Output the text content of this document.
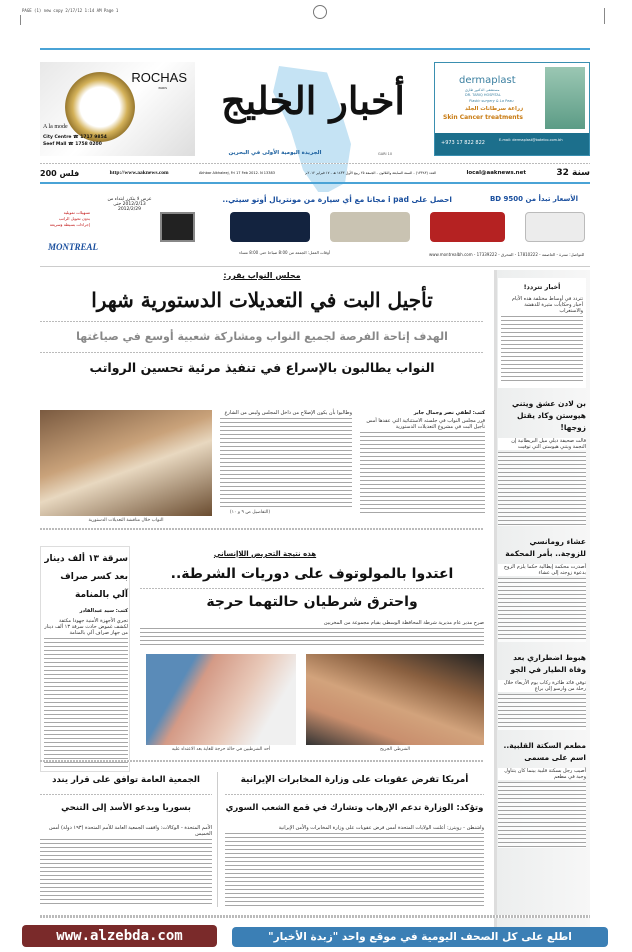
PAGE (1) new copy 2/17/12 1:14 AM Page 1
ROCHAS
PARIS
A la mode
City Centre ☎ 1717 9854
Seef Mall ☎ 1758 0200
أخبار الخليج
الجريدة اليومية الأولى في البحرين	GARI 10
dermaplast
مستشفى الدكتور طارق
DR. TARIQ HOSPITAL
Plastic surgery & La Peau
زراعة سرطانات الجلد
Skin Cancer treatments
+973 17 822 822	E-mail: dermaplast@batelco.com.bh
32 سنة
local@aaknews.net
العدد (١٣٣٨٣) - السنة السابعة والثلاثون - الجمعة ٢٥ ربيع الأول ١٤٣٣ هـ - ١٧ فبراير ٢٠١٢م
Akhbar Alkhaleej, Fri 17 Feb 2012. N 13383
http://www.aaknews.com
200 فلس
الأسعار تبدأ من BD 9500
احصل على i pad مجانا مع أي سيارة من مونتريال أوتو سيتي..
عرض لا يتكرر ابتداء من 2012/2/13 حتى 2012/2/29
تسهيلات تمويلية
بدون تحويل الراتب
إجراءات بسيطة وسريعة
MONTREAL
للتواصل: سترة - العاصمة - 17810222 - المحرق - 17339222 - www.montrealbh.com
أوقات العمل: الجمعة من 8:00 صباحا حتى 8:00 مساء
أخبار تتردد!
تتردد في أوساط مختلفة هذه الأيام أخبار وحكايات مثيرة للدهشة والاستغراب
بن لادن عشق ويتني هيوستن وكاد يقتل زوجها!
قالت صحيفة ديلي ميل البريطانية إن النجمة ويتني هيوستن التي توفيت
عشاء رومانسي للزوجة.. بأمر المحكمة
أصدرت محكمة إيطالية حكما يلزم الزوج بدعوة زوجته إلى عشاء
هبوط اضطراري بعد وفاة الطيار في الجو
توفي قائد طائرة ركاب يوم الأربعاء خلال رحلة من وارسو إلى براغ
مطعم السكتة القلبية.. اسم على مسمى
أصيب رجل بسكتة قلبية بينما كان يتناول وجبة في مطعم
مجلس النواب يقرر:
تأجيل البت في التعديلات الدستورية شهرا
الهدف إتاحة الفرصة لجميع النواب ومشاركة شعبية أوسع في صياغتها
النواب يطالبون بالإسراع في تنفيذ مرئية تحسين الرواتب
كتب: لطفي نصر وجمال جابر
قرر مجلس النواب في جلسته الاستثنائية التي عقدها أمس تأجيل البت في مشروع التعديلات الدستورية
وطالبوا بأن يكون الإصلاح من داخل المجلس وليس من الشارع
(التفاصيل ص ٩ و ١٠)
النواب خلال مناقشة التعديلات الدستورية
سرقة ١٣ ألف دينار
بعد كسر صراف
آلي بالمنامة
كتب: سيد عبدالقادر
تجري الأجهزة الأمنية جهودا مكثفة لكشف غموض حادث سرقة ١٣ ألف دينار من جهاز صراف آلي بالمنامة
هذه نتيجة التحريض اللاإنساني
اعتدوا بالمولوتوف على دوريات الشرطة..
واحترق شرطيان حالتهما حرجة
صرح مدير عام مديرية شرطة المحافظة الوسطى بقيام مجموعة من المخربين
أحد الشرطيين في حالة حرجة للغاية بعد الاعتداء عليه	الشرطي الجريح
أمريكا تفرض عقوبات على وزارة المخابرات الإيرانية
وتؤكد: الوزارة تدعم الإرهاب وتشارك في قمع الشعب السوري
واشنطن - رويترز: أعلنت الولايات المتحدة أمس فرض عقوبات على وزارة المخابرات والأمن الإيرانية
الجمعية العامة توافق على قرار يندد
بسوريا ويدعو الأسد إلى التنحي
الأمم المتحدة - الوكالات: وافقت الجمعية العامة للأمم المتحدة (١٩٣ دولة) أمس الخميس
www.alzebda.com	اطلع على كل الصحف اليومية في موقع واحد "زبدة الأخبار"
